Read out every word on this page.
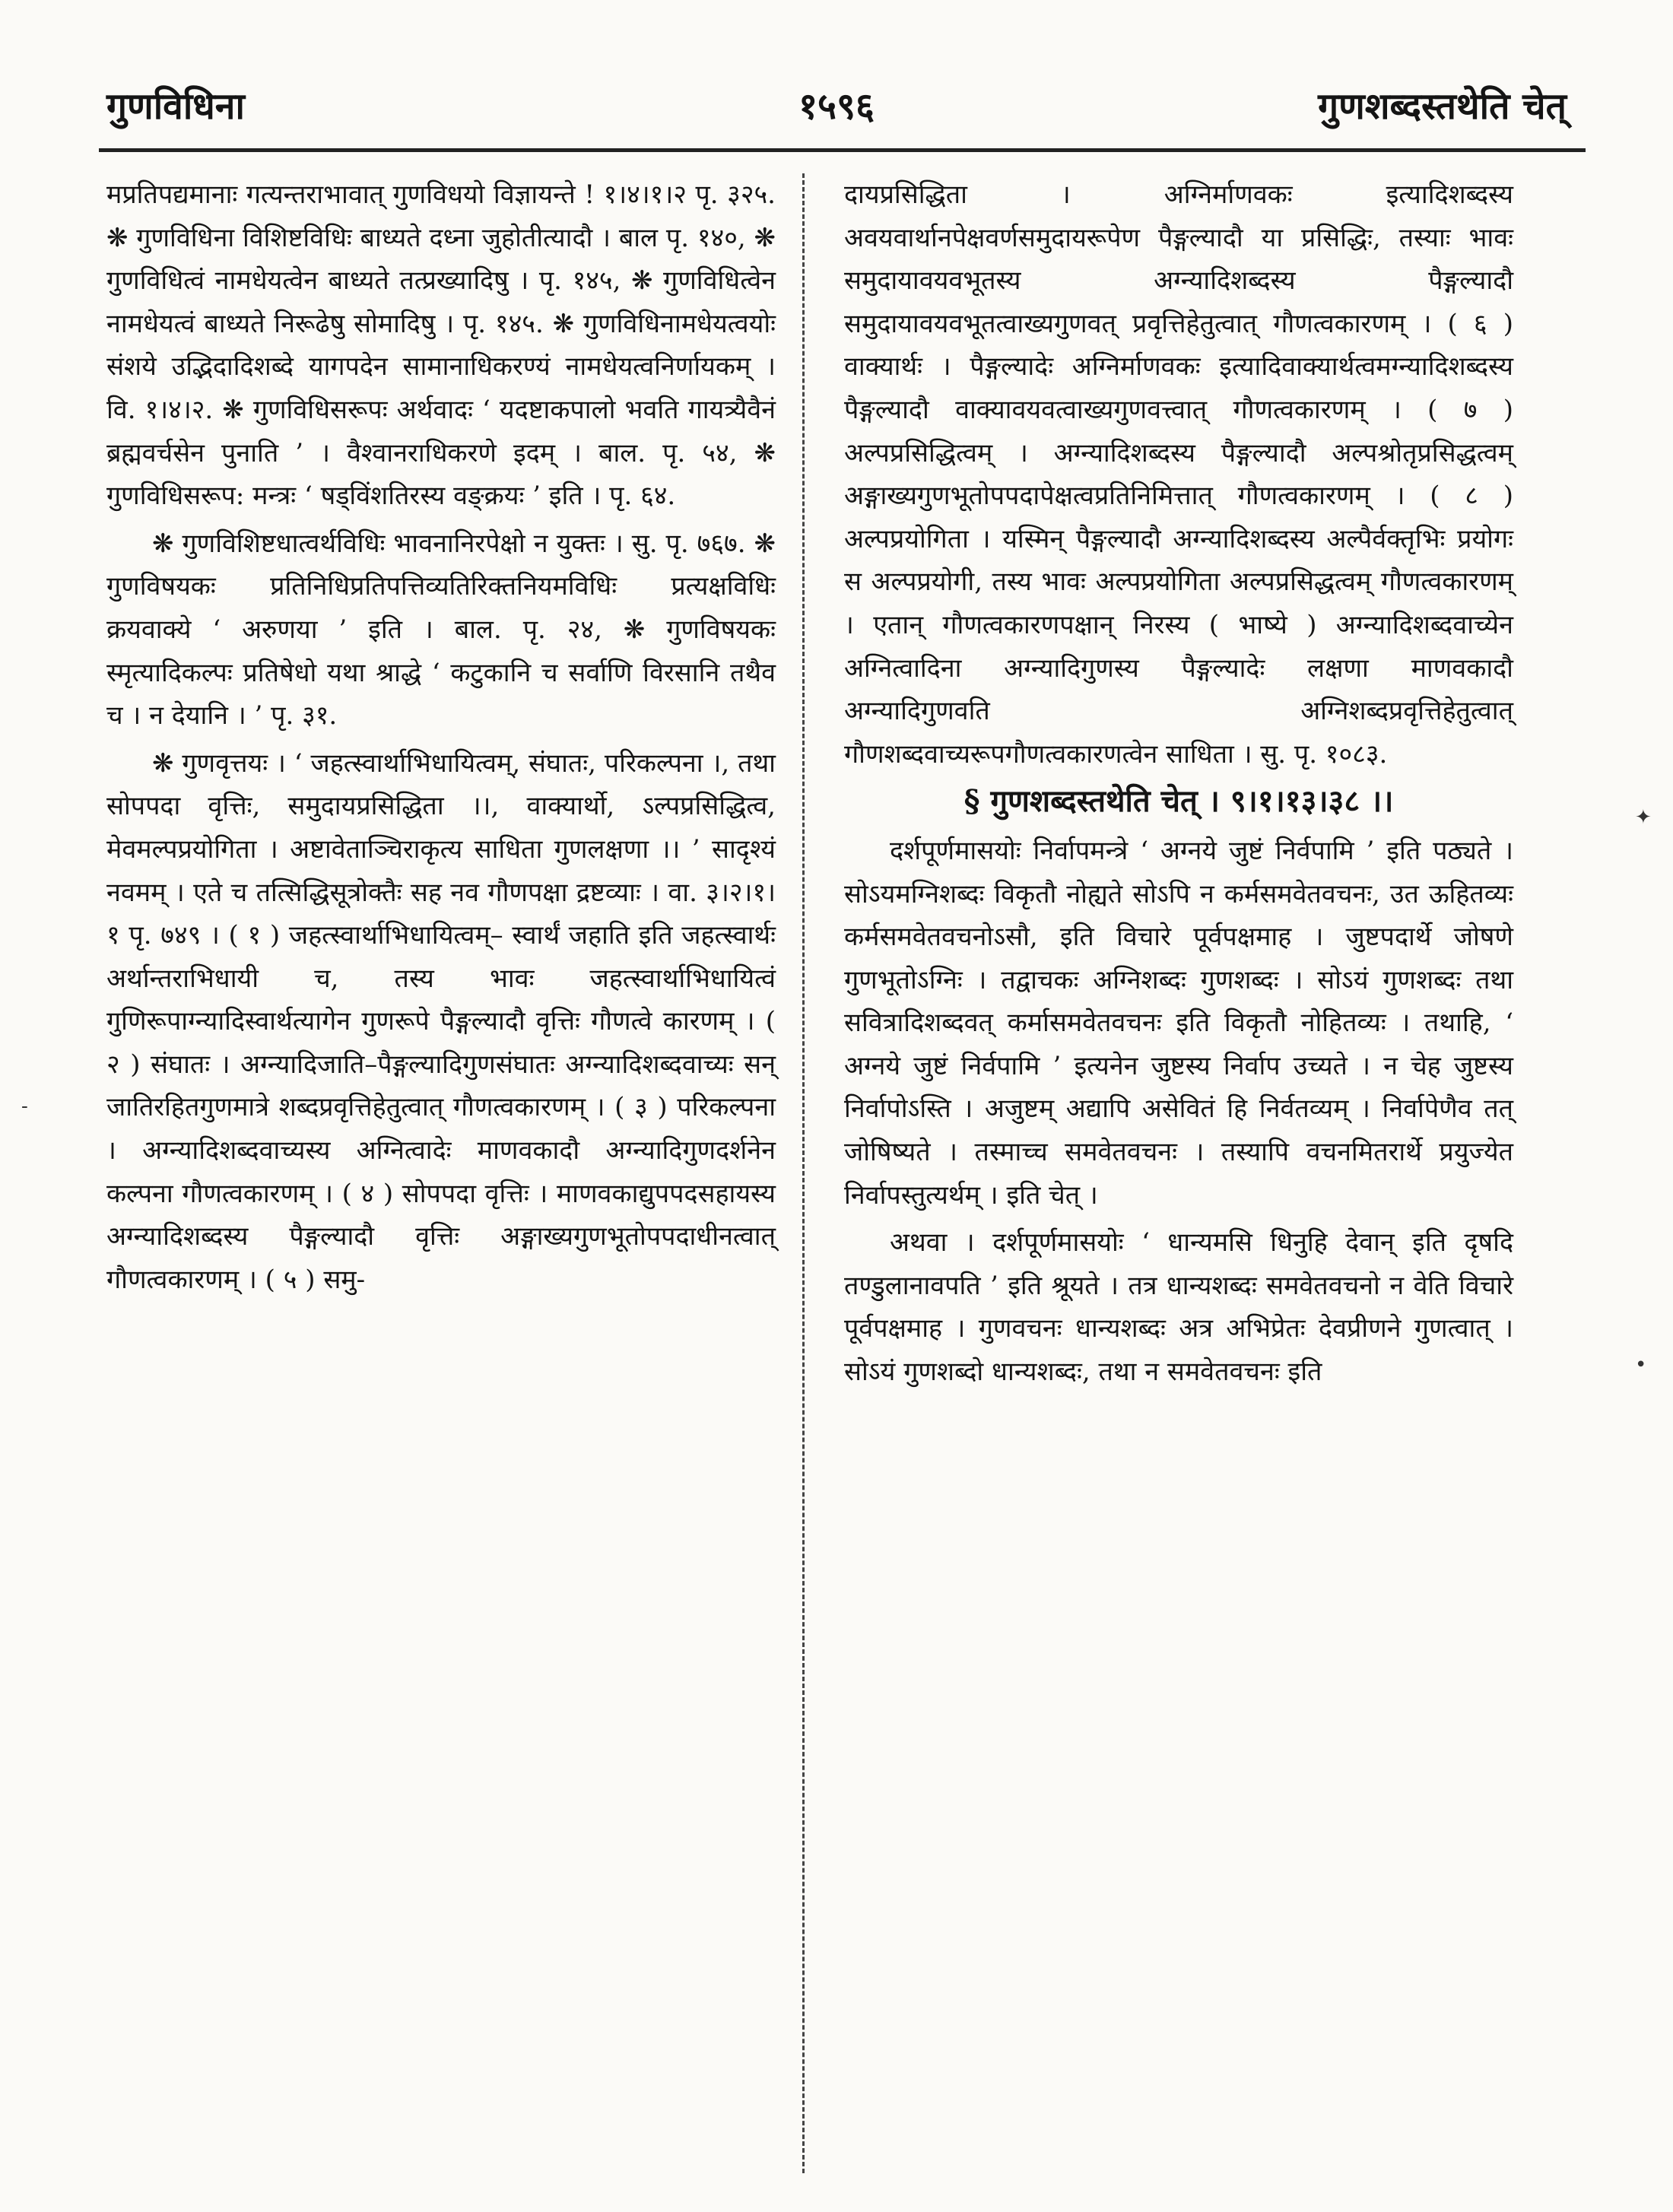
गुणविधिना	१५९६	गुणशब्दस्तथेति चेत्

मप्रतिपद्यमानाः गत्यन्तराभावात् गुणविधयो विज्ञायन्ते ! १।४।१।२ पृ. ३२५. ❋ गुणविधिना विशिष्टविधिः बाध्यते दध्ना जुहोतीत्यादौ । बाल पृ. १४०, ❋ गुणविधित्वं नामधेयत्वेन बाध्यते तत्प्रख्यादिषु । पृ. १४५, ❋ गुणविधित्वेन नामधेयत्वं बाध्यते निरूढेषु सोमादिषु । पृ. १४५. ❋ गुणविधिनामधेयत्वयोः संशये उद्भिदादिशब्दे यागपदेन सामानाधिकरण्यं नामधेयत्वनिर्णायकम् । वि. १।४।२. ❋ गुणविधिसरूपः अर्थवादः ‘ यदष्टाकपालो भवति गायत्र्यैवैनं ब्रह्मवर्चसेन पुनाति ’ । वैश्वानराधिकरणे इदम् । बाल. पृ. ५४, ❋ गुणविधिसरूप: मन्त्रः ‘ षड्विंशतिरस्य वङ्क्रयः ’ इति । पृ. ६४.

❋ गुणविशिष्टधात्वर्थविधिः भावनानिरपेक्षो न युक्तः । सु. पृ. ७६७. ❋ गुणविषयकः प्रतिनिधिप्रतिपत्तिव्यतिरिक्तनियमविधिः प्रत्यक्षविधिः क्रयवाक्ये ‘ अरुणया ’ इति । बाल. पृ. २४, ❋ गुणविषयकः स्मृत्यादिकल्पः प्रतिषेधो यथा श्राद्धे ‘ कटुकानि च सर्वाणि विरसानि तथैव च । न देयानि । ’ पृ. ३१.

❋ गुणवृत्तयः । ‘ जहत्स्वार्थाभिधायित्वम्, संघातः, परिकल्पना ।, तथा सोपपदा वृत्तिः, समुदायप्रसिद्धिता ।।, वाक्यार्थो, ऽल्पप्रसिद्धित्व, मेवमल्पप्रयोगिता । अष्टावेताञ्चिराकृत्य साधिता गुणलक्षणा ।। ’ सादृश्यं नवमम् । एते च तत्सिद्धिसूत्रोक्तैः सह नव गौणपक्षा द्रष्टव्याः । वा. ३।२।१।१ पृ. ७४९ । ( १ ) जहत्स्वार्थाभिधायित्वम्– स्वार्थं जहाति इति जहत्स्वार्थः अर्थान्तराभिधायी च, तस्य भावः जहत्स्वार्थाभिधायित्वं गुणिरूपाग्न्यादिस्वार्थत्यागेन गुणरूपे पैङ्गल्यादौ वृत्तिः गौणत्वे कारणम् । ( २ ) संघातः । अग्न्यादिजाति–पैङ्गल्यादिगुणसंघातः अग्न्यादिशब्दवाच्यः सन् जातिरहितगुणमात्रे शब्दप्रवृत्तिहेतुत्वात् गौणत्वकारणम् । ( ३ ) परिकल्पना । अग्न्यादिशब्दवाच्यस्य अग्नित्वादेः माणवकादौ अग्न्यादिगुणदर्शनेन कल्पना गौणत्वकारणम् । ( ४ ) सोपपदा वृत्तिः । माणवकाद्युपपदसहायस्य अग्न्यादिशब्दस्य पैङ्गल्यादौ वृत्तिः अङ्गाख्यगुणभूतोपपदाधीनत्वात् गौणत्वकारणम् । ( ५ ) समु-

दायप्रसिद्धिता । अग्निर्माणवकः इत्यादिशब्दस्य अवयवार्थानपेक्षवर्णसमुदायरूपेण पैङ्गल्यादौ या प्रसिद्धिः, तस्याः भावः समुदायावयवभूतस्य अग्न्यादिशब्दस्य पैङ्गल्यादौ समुदायावयवभूतत्वाख्यगुणवत् प्रवृत्तिहेतुत्वात् गौणत्वकारणम् । ( ६ ) वाक्यार्थः । पैङ्गल्यादेः अग्निर्माणवकः इत्यादिवाक्यार्थत्वमग्न्यादिशब्दस्य पैङ्गल्यादौ वाक्यावयवत्वाख्यगुणवत्त्वात् गौणत्वकारणम् । ( ७ ) अल्पप्रसिद्धित्वम् । अग्न्यादिशब्दस्य पैङ्गल्यादौ अल्पश्रोतृप्रसिद्धत्वम् अङ्गाख्यगुणभूतोपपदापेक्षत्वप्रतिनिमित्तात् गौणत्वकारणम् । ( ८ ) अल्पप्रयोगिता । यस्मिन् पैङ्गल्यादौ अग्न्यादिशब्दस्य अल्पैर्वक्तृभिः प्रयोगः स अल्पप्रयोगी, तस्य भावः अल्पप्रयोगिता अल्पप्रसिद्धत्वम् गौणत्वकारणम् । एतान् गौणत्वकारणपक्षान् निरस्य ( भाष्ये ) अग्न्यादिशब्दवाच्येन अग्नित्वादिना अग्न्यादिगुणस्य पैङ्गल्यादेः लक्षणा माणवकादौ अग्न्यादिगुणवति अग्निशब्दप्रवृत्तिहेतुत्वात् गौणशब्दवाच्यरूपगौणत्वकारणत्वेन साधिता । सु. पृ. १०८३.

§ गुणशब्दस्तथेति चेत् । ९।१।१३।३८ ।।

दर्शपूर्णमासयोः निर्वापमन्त्रे ‘ अग्नये जुष्टं निर्वपामि ’ इति पठ्यते । सोऽयमग्निशब्दः विकृतौ नोह्यते सोऽपि न कर्मसमवेतवचनः, उत ऊहितव्यः कर्मसमवेतवचनोऽसौ, इति विचारे पूर्वपक्षमाह । जुष्टपदार्थे जोषणे गुणभूतोऽग्निः । तद्वाचकः अग्निशब्दः गुणशब्दः । सोऽयं गुणशब्दः तथा सवित्रादिशब्दवत् कर्मासमवेतवचनः इति विकृतौ नोहितव्यः । तथाहि, ‘ अग्नये जुष्टं निर्वपामि ’ इत्यनेन जुष्टस्य निर्वाप उच्यते । न चेह जुष्टस्य निर्वापोऽस्ति । अजुष्टम् अद्यापि असेवितं हि निर्वतव्यम् । निर्वापेणैव तत् जोषिष्यते । तस्माच्च समवेतवचनः । तस्यापि वचनमितरार्थे प्रयुज्येत निर्वापस्तुत्यर्थम् । इति चेत् ।

अथवा । दर्शपूर्णमासयोः ‘ धान्यमसि धिनुहि देवान् इति दृषदि तण्डुलानावपति ’ इति श्रूयते । तत्र धान्यशब्दः समवेतवचनो न वेति विचारे पूर्वपक्षमाह । गुणवचनः धान्यशब्दः अत्र अभिप्रेतः देवप्रीणने गुणत्वात् । सोऽयं गुणशब्दो धान्यशब्दः, तथा न समवेतवचनः इति

-
✦
•
